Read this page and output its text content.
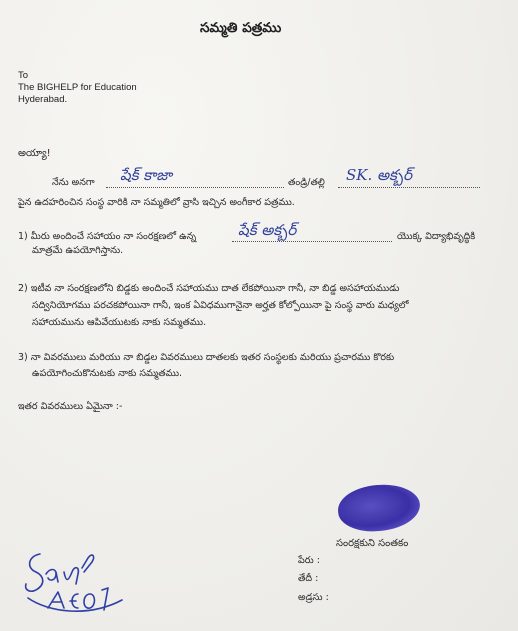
సమ్మతి పత్రము
To
The BIGHELP for Education
Hyderabad.
అయ్యా!
నేను అనగా షేక్ కాజా	తండ్రి/తల్లి SK. అక్బర్
పైన ఉదహరించిన సంస్థ వారికి నా సమ్మతిలో వ్రాసి ఇచ్చిన అంగీకార పత్రము.
1) మీరు అందించే సహాయం నా సంరక్షణలో ఉన్న	షేక్ అక్బర్	యొక్క విద్యాభివృద్ధికి
మాత్రమే ఉపయోగిస్తాను.
2) ఇటీవ నా సంరక్షణలోని బిడ్డకు అందించే సహాయము దాత లేకపోయినా గానీ, నా బిడ్డ అసహాయముడు
సద్వినియోగము పరచకపోయినా గానీ, ఇంక ఏవిధముగానైనా అర్హత కోల్పోయినా పై సంస్థ వారు మధ్యలో
సహాయమును ఆపివేయుటకు నాకు సమ్మతము.
3) నా వివరములు మరియు నా బిడ్డల వివరములు దాతలకు ఇతర సంస్థలకు మరియు ప్రచారము కొరకు
ఉపయోగించుకొనుటకు నాకు సమ్మతము.
ఇతర వివరములు ఏమైనా :-
సంరక్షకుని సంతకం
పేరు :
తేదీ :
అడ్రసు :
